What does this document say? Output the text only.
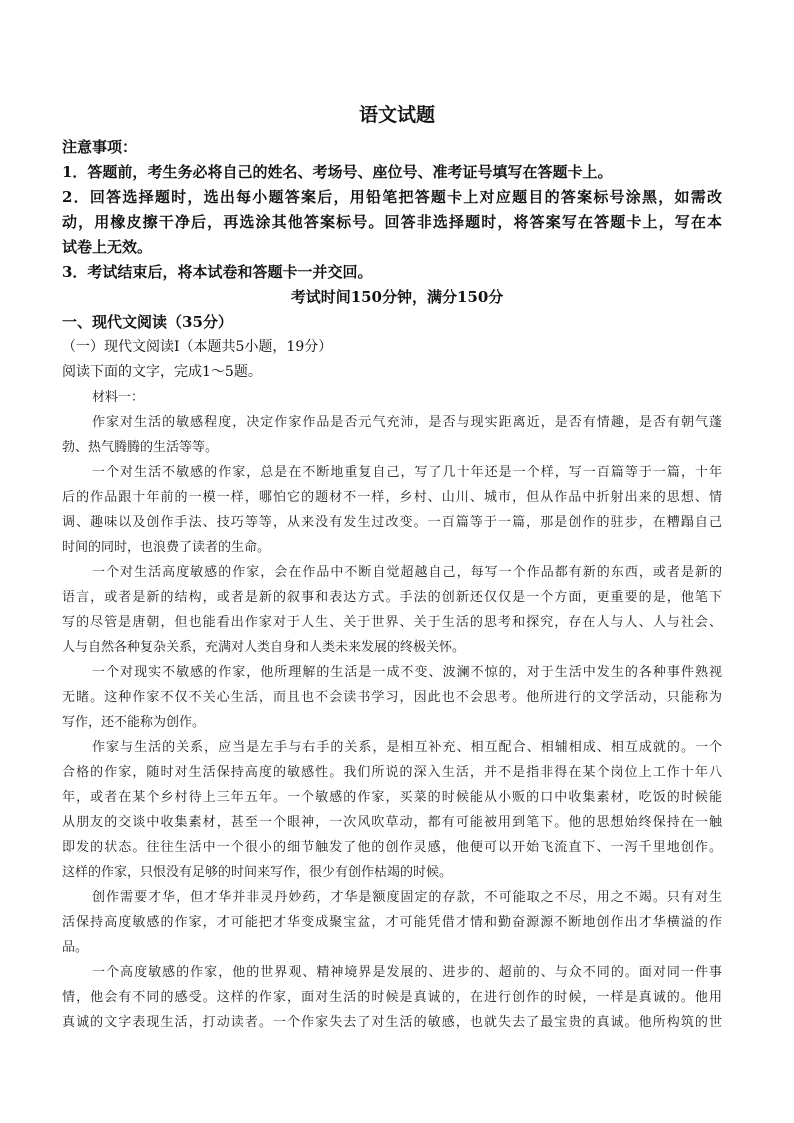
语文试题
注意事项：
1．答题前，考生务必将自己的姓名、考场号、座位号、准考证号填写在答题卡上。
2．回答选择题时，选出每小题答案后，用铅笔把答题卡上对应题目的答案标号涂黑，如需改
动，用橡皮擦干净后，再选涂其他答案标号。回答非选择题时，将答案写在答题卡上，写在本
试卷上无效。
3．考试结束后，将本试卷和答题卡一并交回。
考试时间150分钟，满分150分
一、现代文阅读（35分）
（一）现代文阅读Ⅰ（本题共5小题，19分）
阅读下面的文字，完成1～5题。
材料一：
作家对生活的敏感程度，决定作家作品是否元气充沛，是否与现实距离近，是否有情趣，是否有朝气蓬
勃、热气腾腾的生活等等。
一个对生活不敏感的作家，总是在不断地重复自己，写了几十年还是一个样，写一百篇等于一篇，十年
后的作品跟十年前的一模一样，哪怕它的题材不一样，乡村、山川、城市，但从作品中折射出来的思想、情
调、趣味以及创作手法、技巧等等，从来没有发生过改变。一百篇等于一篇，那是创作的驻步，在糟蹋自己
时间的同时，也浪费了读者的生命。
一个对生活高度敏感的作家，会在作品中不断自觉超越自己，每写一个作品都有新的东西，或者是新的
语言，或者是新的结构，或者是新的叙事和表达方式。手法的创新还仅仅是一个方面，更重要的是，他笔下
写的尽管是唐朝，但也能看出作家对于人生、关于世界、关于生活的思考和探究，存在人与人、人与社会、
人与自然各种复杂关系，充满对人类自身和人类未来发展的终极关怀。
一个对现实不敏感的作家，他所理解的生活是一成不变、波澜不惊的，对于生活中发生的各种事件熟视
无睹。这种作家不仅不关心生活，而且也不会读书学习，因此也不会思考。他所进行的文学活动，只能称为
写作，还不能称为创作。
作家与生活的关系，应当是左手与右手的关系，是相互补充、相互配合、相辅相成、相互成就的。一个
合格的作家，随时对生活保持高度的敏感性。我们所说的深入生活，并不是指非得在某个岗位上工作十年八
年，或者在某个乡村待上三年五年。一个敏感的作家，买菜的时候能从小贩的口中收集素材，吃饭的时候能
从朋友的交谈中收集素材，甚至一个眼神，一次风吹草动，都有可能被用到笔下。他的思想始终保持在一触
即发的状态。往往生活中一个很小的细节触发了他的创作灵感，他便可以开始飞流直下、一泻千里地创作。
这样的作家，只恨没有足够的时间来写作，很少有创作枯竭的时候。
创作需要才华，但才华并非灵丹妙药，才华是额度固定的存款，不可能取之不尽，用之不竭。只有对生
活保持高度敏感的作家，才可能把才华变成聚宝盆，才可能凭借才情和勤奋源源不断地创作出才华横溢的作
品。
一个高度敏感的作家，他的世界观、精神境界是发展的、进步的、超前的、与众不同的。面对同一件事
情，他会有不同的感受。这样的作家，面对生活的时候是真诚的，在进行创作的时候，一样是真诚的。他用
真诚的文字表现生活，打动读者。一个作家失去了对生活的敏感，也就失去了最宝贵的真诚。他所构筑的世
